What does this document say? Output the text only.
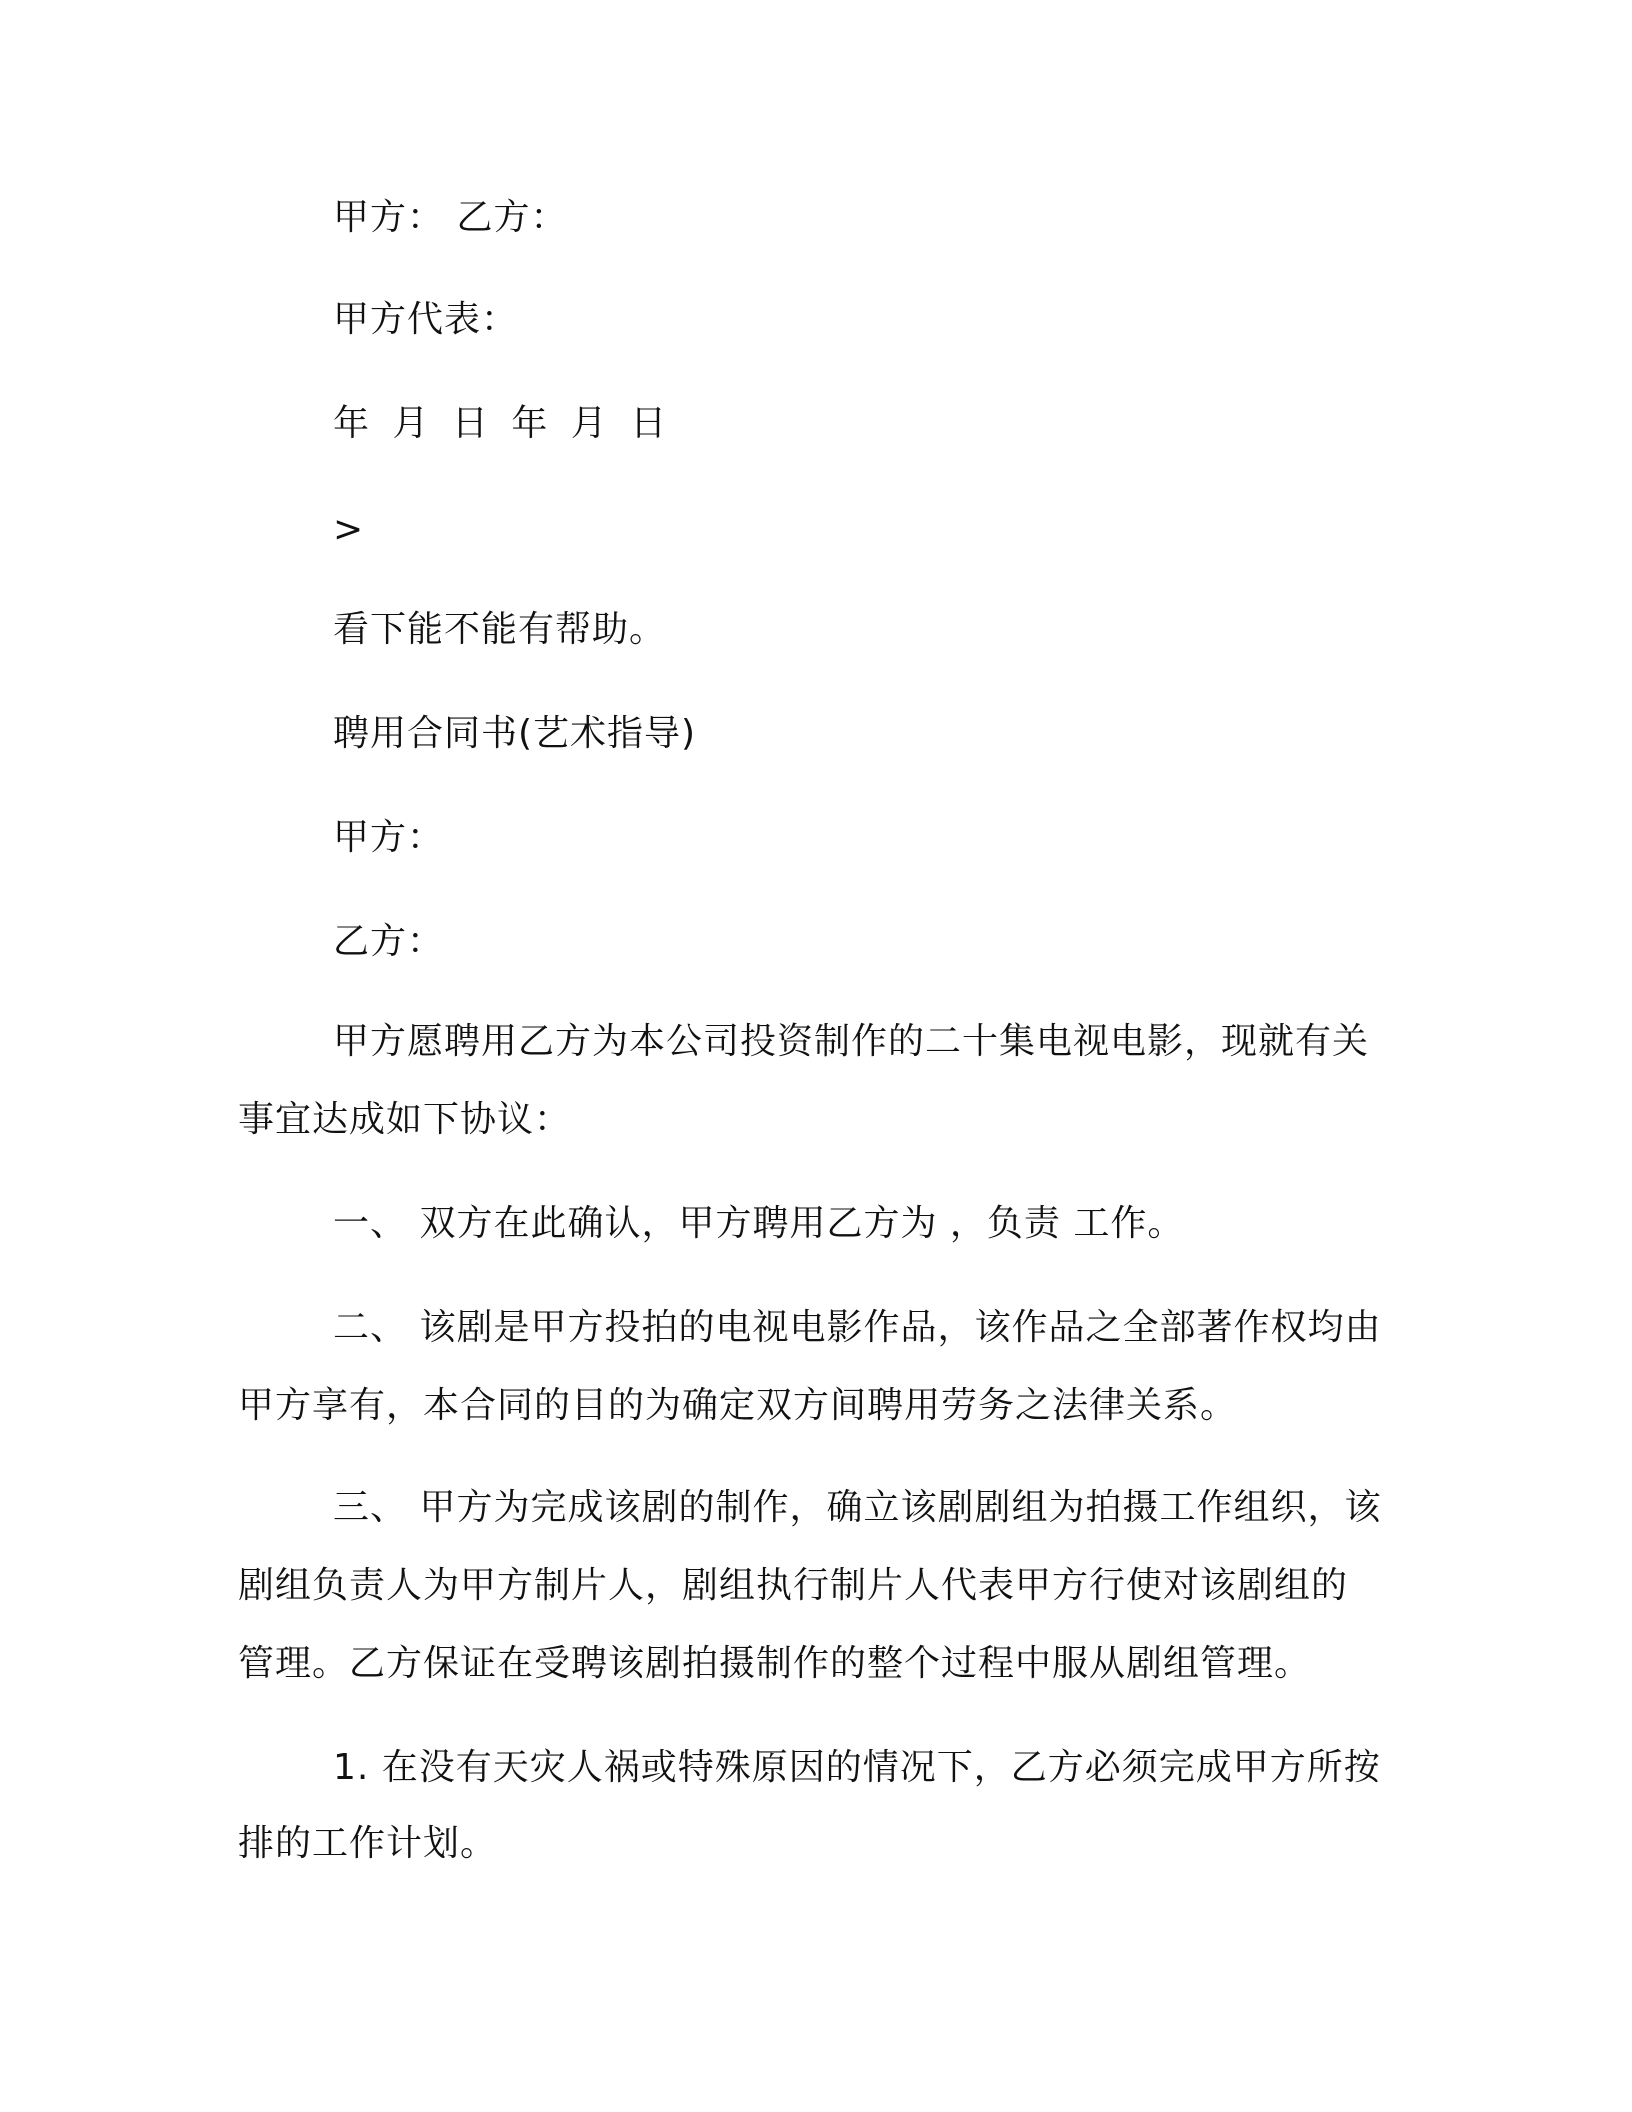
甲方： 乙方：
甲方代表：
年 月 日 年 月 日
>
看下能不能有帮助。
聘用合同书(艺术指导)
甲方：
乙方：
甲方愿聘用乙方为本公司投资制作的二十集电视电影，现就有关
事宜达成如下协议：
一、 双方在此确认，甲方聘用乙方为 ，负责 工作。
二、 该剧是甲方投拍的电视电影作品，该作品之全部著作权均由
甲方享有，本合同的目的为确定双方间聘用劳务之法律关系。
三、 甲方为完成该剧的制作，确立该剧剧组为拍摄工作组织，该
剧组负责人为甲方制片人，剧组执行制片人代表甲方行使对该剧组的
管理。乙方保证在受聘该剧拍摄制作的整个过程中服从剧组管理。
1. 在没有天灾人祸或特殊原因的情况下，乙方必须完成甲方所按
排的工作计划。
